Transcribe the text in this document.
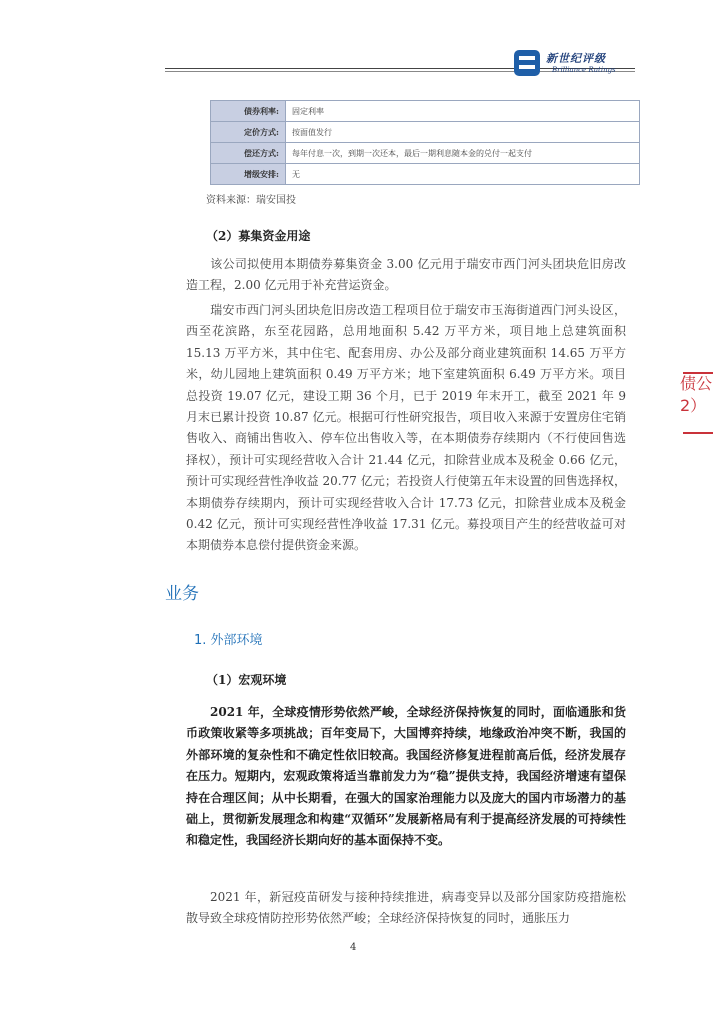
新世纪评级
Brilliance Ratings
债券利率:	固定利率
定价方式:	按面值发行
偿还方式:	每年付息一次，到期一次还本，最后一期利息随本金的兑付一起支付
增级安排:	无
资料来源：瑞安国投
（2）募集资金用途

该公司拟使用本期债券募集资金 3.00 亿元用于瑞安市西门河头团块危旧房改造工程，2.00 亿元用于补充营运资金。

瑞安市西门河头团块危旧房改造工程项目位于瑞安市玉海街道西门河头设区，西至花滨路，东至花园路，总用地面积 5.42 万平方米，项目地上总建筑面积 15.13 万平方米，其中住宅、配套用房、办公及部分商业建筑面积 14.65 万平方米，幼儿园地上建筑面积 0.49 万平方米；地下室建筑面积 6.49 万平方米。项目总投资 19.07 亿元，建设工期 36 个月，已于 2019 年末开工，截至 2021 年 9 月末已累计投资 10.87 亿元。根据可行性研究报告，项目收入来源于安置房住宅销售收入、商铺出售收入、停车位出售收入等，在本期债券存续期内（不行使回售选择权），预计可实现经营收入合计 21.44 亿元，扣除营业成本及税金 0.66 亿元，预计可实现经营性净收益 20.77 亿元；若投资人行使第五年末设置的回售选择权，本期债券存续期内，预计可实现经营收入合计 17.73 亿元，扣除营业成本及税金 0.42 亿元，预计可实现经营性净收益 17.31 亿元。募投项目产生的经营收益可对本期债券本息偿付提供资金来源。

业务
1. 外部环境
（1）宏观环境

2021 年，全球疫情形势依然严峻，全球经济保持恢复的同时，面临通胀和货币政策收紧等多项挑战；百年变局下，大国博弈持续，地缘政治冲突不断，我国的外部环境的复杂性和不确定性依旧较高。我国经济修复进程前高后低，经济发展存在压力。短期内，宏观政策将适当靠前发力为“稳”提供支持，我国经济增速有望保持在合理区间；从中长期看，在强大的国家治理能力以及庞大的国内市场潜力的基础上，贯彻新发展理念和构建“双循环”发展新格局有利于提高经济发展的可持续性和稳定性，我国经济长期向好的基本面保持不变。

2021 年，新冠疫苗研发与接种持续推进，病毒变异以及部分国家防疫措施松散导致全球疫情防控形势依然严峻；全球经济保持恢复的同时，通胀压力

4
债公
2）
